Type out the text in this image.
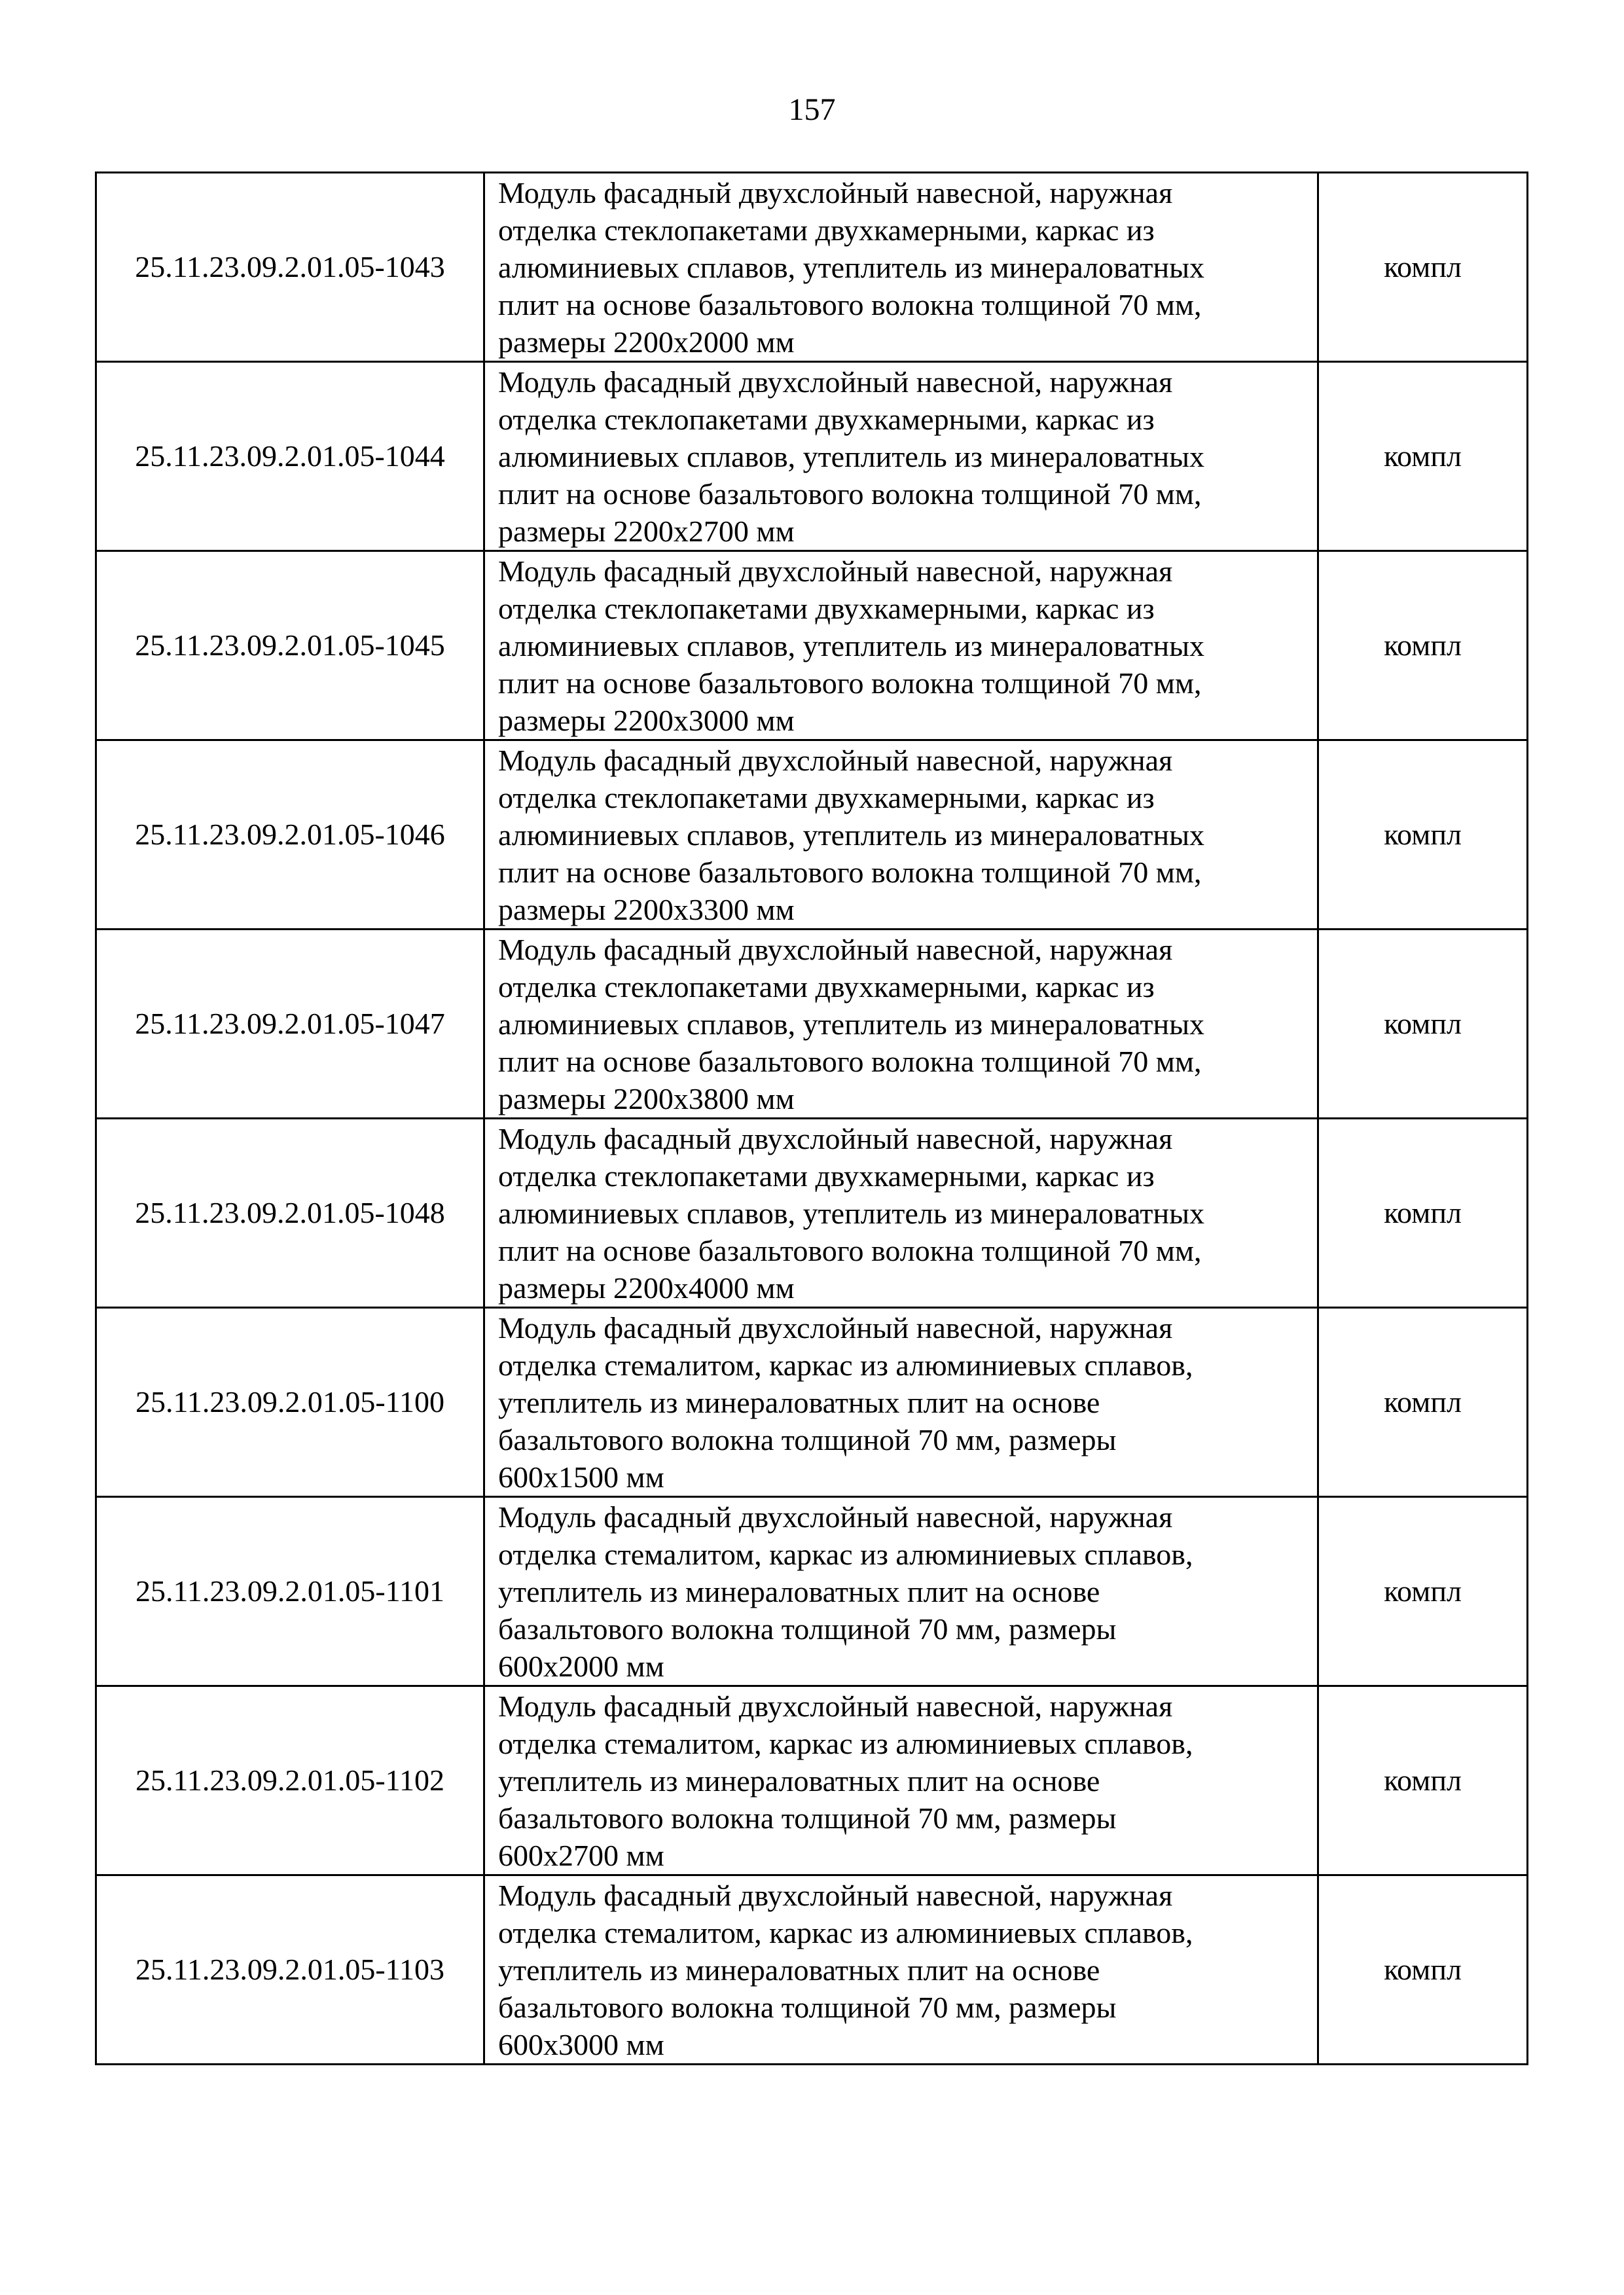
157
25.11.23.09.2.01.05-1043	Модуль фасадный двухслойный навесной, наружная
отделка стеклопакетами двухкамерными, каркас из
алюминиевых сплавов, утеплитель из минераловатных
плит на основе базальтового волокна толщиной 70 мм,
размеры 2200х2000 мм	компл
25.11.23.09.2.01.05-1044	Модуль фасадный двухслойный навесной, наружная
отделка стеклопакетами двухкамерными, каркас из
алюминиевых сплавов, утеплитель из минераловатных
плит на основе базальтового волокна толщиной 70 мм,
размеры 2200х2700 мм	компл
25.11.23.09.2.01.05-1045	Модуль фасадный двухслойный навесной, наружная
отделка стеклопакетами двухкамерными, каркас из
алюминиевых сплавов, утеплитель из минераловатных
плит на основе базальтового волокна толщиной 70 мм,
размеры 2200х3000 мм	компл
25.11.23.09.2.01.05-1046	Модуль фасадный двухслойный навесной, наружная
отделка стеклопакетами двухкамерными, каркас из
алюминиевых сплавов, утеплитель из минераловатных
плит на основе базальтового волокна толщиной 70 мм,
размеры 2200х3300 мм	компл
25.11.23.09.2.01.05-1047	Модуль фасадный двухслойный навесной, наружная
отделка стеклопакетами двухкамерными, каркас из
алюминиевых сплавов, утеплитель из минераловатных
плит на основе базальтового волокна толщиной 70 мм,
размеры 2200х3800 мм	компл
25.11.23.09.2.01.05-1048	Модуль фасадный двухслойный навесной, наружная
отделка стеклопакетами двухкамерными, каркас из
алюминиевых сплавов, утеплитель из минераловатных
плит на основе базальтового волокна толщиной 70 мм,
размеры 2200х4000 мм	компл
25.11.23.09.2.01.05-1100	Модуль фасадный двухслойный навесной, наружная
отделка стемалитом, каркас из алюминиевых сплавов,
утеплитель из минераловатных плит на основе
базальтового волокна толщиной 70 мм, размеры
600х1500 мм	компл
25.11.23.09.2.01.05-1101	Модуль фасадный двухслойный навесной, наружная
отделка стемалитом, каркас из алюминиевых сплавов,
утеплитель из минераловатных плит на основе
базальтового волокна толщиной 70 мм, размеры
600х2000 мм	компл
25.11.23.09.2.01.05-1102	Модуль фасадный двухслойный навесной, наружная
отделка стемалитом, каркас из алюминиевых сплавов,
утеплитель из минераловатных плит на основе
базальтового волокна толщиной 70 мм, размеры
600х2700 мм	компл
25.11.23.09.2.01.05-1103	Модуль фасадный двухслойный навесной, наружная
отделка стемалитом, каркас из алюминиевых сплавов,
утеплитель из минераловатных плит на основе
базальтового волокна толщиной 70 мм, размеры
600х3000 мм	компл
